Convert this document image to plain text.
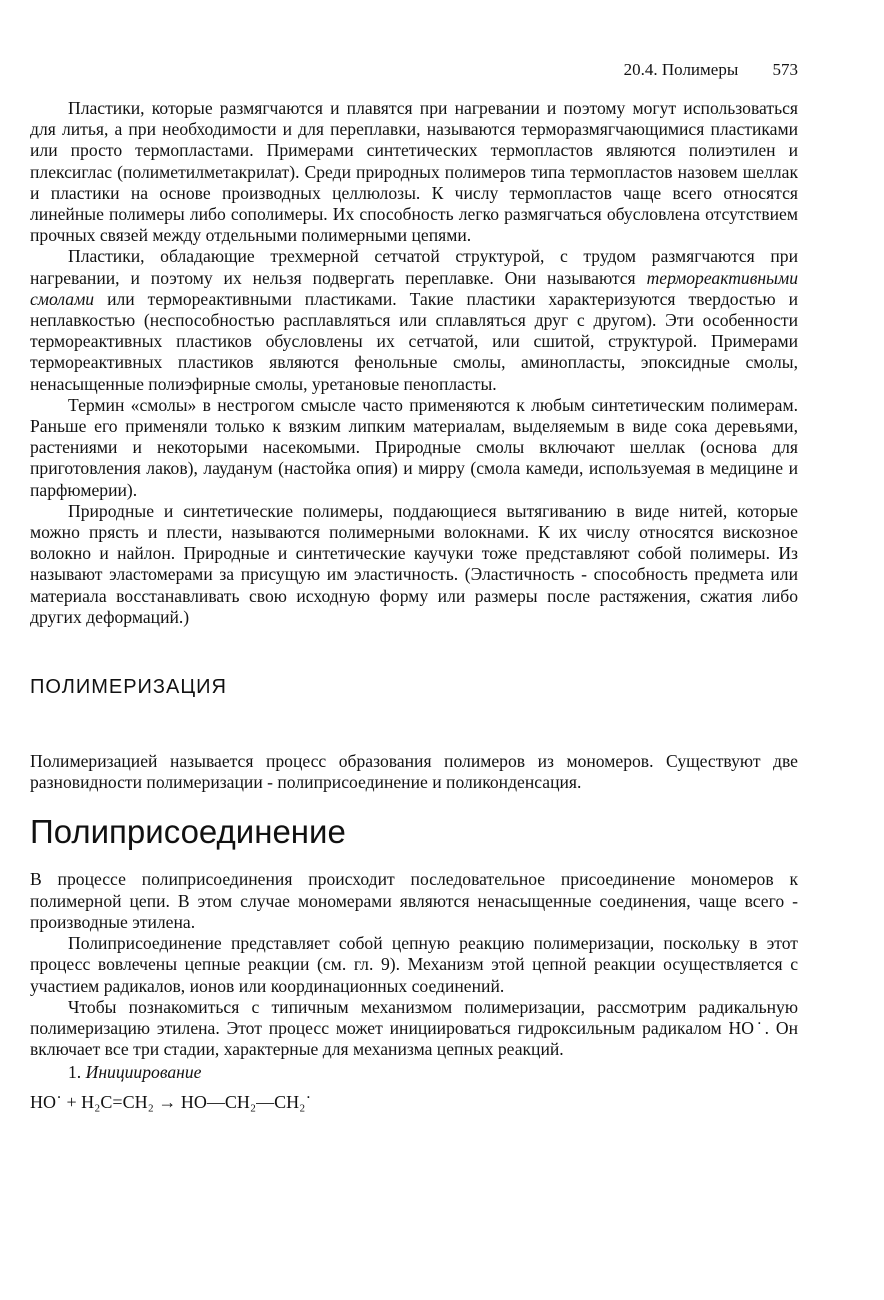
20.4. Полимеры 573

Пластики, которые размягчаются и плавятся при нагревании и поэтому могут использоваться для литья, а при необходимости и для переплавки, называются терморазмягчающимися пластиками или просто термопластами. Примерами синтетических термопластов являются полиэтилен и плексиглас (полиметилметакрилат). Среди природных полимеров типа термопластов назовем шеллак и пластики на основе производных целлюлозы. К числу термопластов чаще всего относятся линейные полимеры либо сополимеры. Их способность легко размягчаться обусловлена отсутствием прочных связей между отдельными полимерными цепями.

Пластики, обладающие трехмерной сетчатой структурой, с трудом размягчаются при нагревании, и поэтому их нельзя подвергать переплавке. Они называются термореактивными смолами или термореактивными пластиками. Такие пластики характеризуются твердостью и неплавкостью (неспособностью расплавляться или сплавляться друг с другом). Эти особенности термореактивных пластиков обусловлены их сетчатой, или сшитой, структурой. Примерами термореактивных пластиков являются фенольные смолы, аминопласты, эпоксидные смолы, ненасыщенные полиэфирные смолы, уретановые пенопласты.

Термин «смолы» в нестрогом смысле часто применяются к любым синтетическим полимерам. Раньше его применяли только к вязким липким материалам, выделяемым в виде сока деревьями, растениями и некоторыми насекомыми. Природные смолы включают шеллак (основа для приготовления лаков), лауданум (настойка опия) и мирру (смола камеди, используемая в медицине и парфюмерии).

Природные и синтетические полимеры, поддающиеся вытягиванию в виде нитей, которые можно прясть и плести, называются полимерными волокнами. К их числу относятся вискозное волокно и найлон. Природные и синтетические каучуки тоже представляют собой полимеры. Из называют эластомерами за присущую им эластичность. (Эластичность - способность предмета или материала восстанавливать свою исходную форму или размеры после растяжения, сжатия либо других деформаций.)

ПОЛИМЕРИЗАЦИЯ

Полимеризацией называется процесс образования полимеров из мономеров. Существуют две разновидности полимеризации - полиприсоединение и поликонденсация.

Полиприсоединение

В процессе полиприсоединения происходит последовательное присоединение мономеров к полимерной цепи. В этом случае мономерами являются ненасыщенные соединения, чаще всего - производные этилена.

Полиприсоединение представляет собой цепную реакцию полимеризации, поскольку в этот процесс вовлечены цепные реакции (см. гл. 9). Механизм этой цепной реакции осуществляется с участием радикалов, ионов или координационных соединений.

Чтобы познакомиться с типичным механизмом полимеризации, рассмотрим радикальную полимеризацию этилена. Этот процесс может инициироваться гидроксильным радикалом HO˙. Он включает все три стадии, характерные для механизма цепных реакций.

1. Инициирование

HO˙ + H₂C=CH₂ → HO—CH₂—CH₂˙
